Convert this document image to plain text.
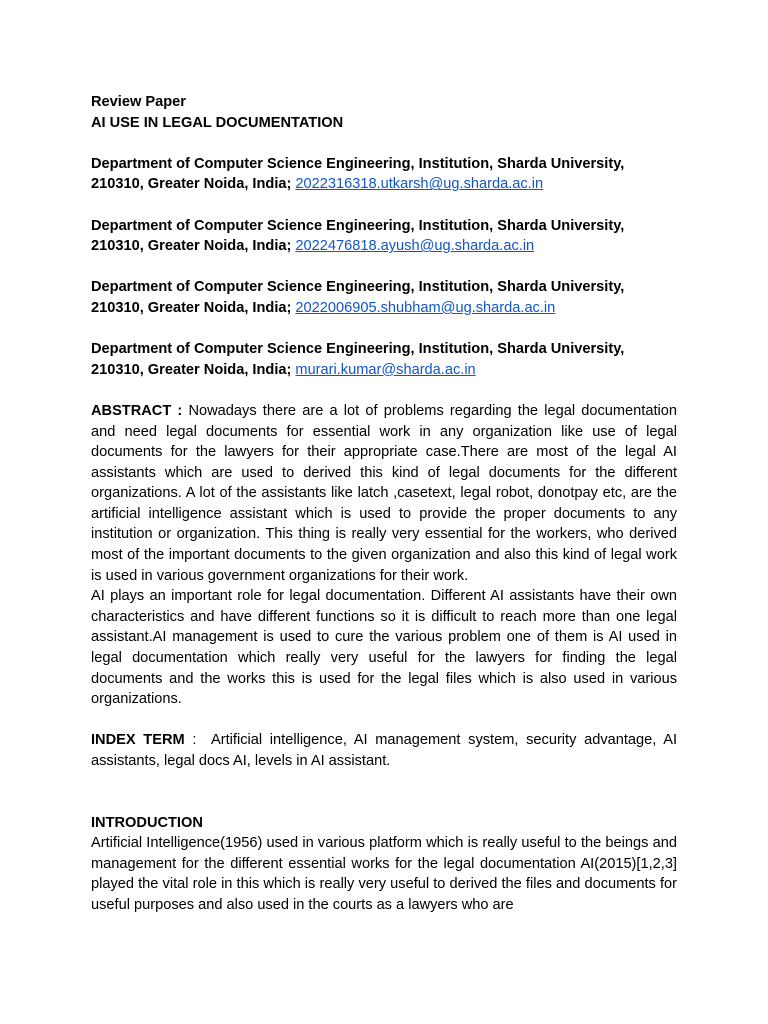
Review Paper
AI USE IN LEGAL DOCUMENTATION
Department of Computer Science Engineering, Institution, Sharda University, 210310, Greater Noida, India; 2022316318.utkarsh@ug.sharda.ac.in
Department of Computer Science Engineering, Institution, Sharda University, 210310, Greater Noida, India; 2022476818.ayush@ug.sharda.ac.in
Department of Computer Science Engineering, Institution, Sharda University, 210310, Greater Noida, India; 2022006905.shubham@ug.sharda.ac.in
Department of Computer Science Engineering, Institution, Sharda University, 210310, Greater Noida, India; murari.kumar@sharda.ac.in
ABSTRACT : Nowadays there are a lot of problems regarding the legal documentation and need legal documents for essential work in any organization like use of legal documents for the lawyers for their appropriate case.There are most of the legal AI assistants which are used to derived this kind of legal documents for the different organizations. A lot of the assistants like latch ,casetext, legal robot, donotpay etc, are the artificial intelligence assistant which is used to provide the proper documents to any institution or organization. This thing is really very essential for the workers, who derived most of the important documents to the given organization and also this kind of legal work is used in various government organizations for their work.
AI plays an important role for legal documentation. Different AI assistants have their own characteristics and have different functions so it is difficult to reach more than one legal assistant.AI management is used to cure the various problem one of them is AI used in legal documentation which really very useful for the lawyers for finding the legal documents and the works this is used for the legal files which is also used in various organizations.
INDEX TERM :  Artificial intelligence, AI management system, security advantage, AI assistants, legal docs AI, levels in AI assistant.
INTRODUCTION
Artificial Intelligence(1956) used in various platform which is really useful to the beings and management for the different essential works for the legal documentation AI(2015)[1,2,3] played the vital role in this which is really very useful to derived the files and documents for useful purposes and also used in the courts as a lawyers who are
